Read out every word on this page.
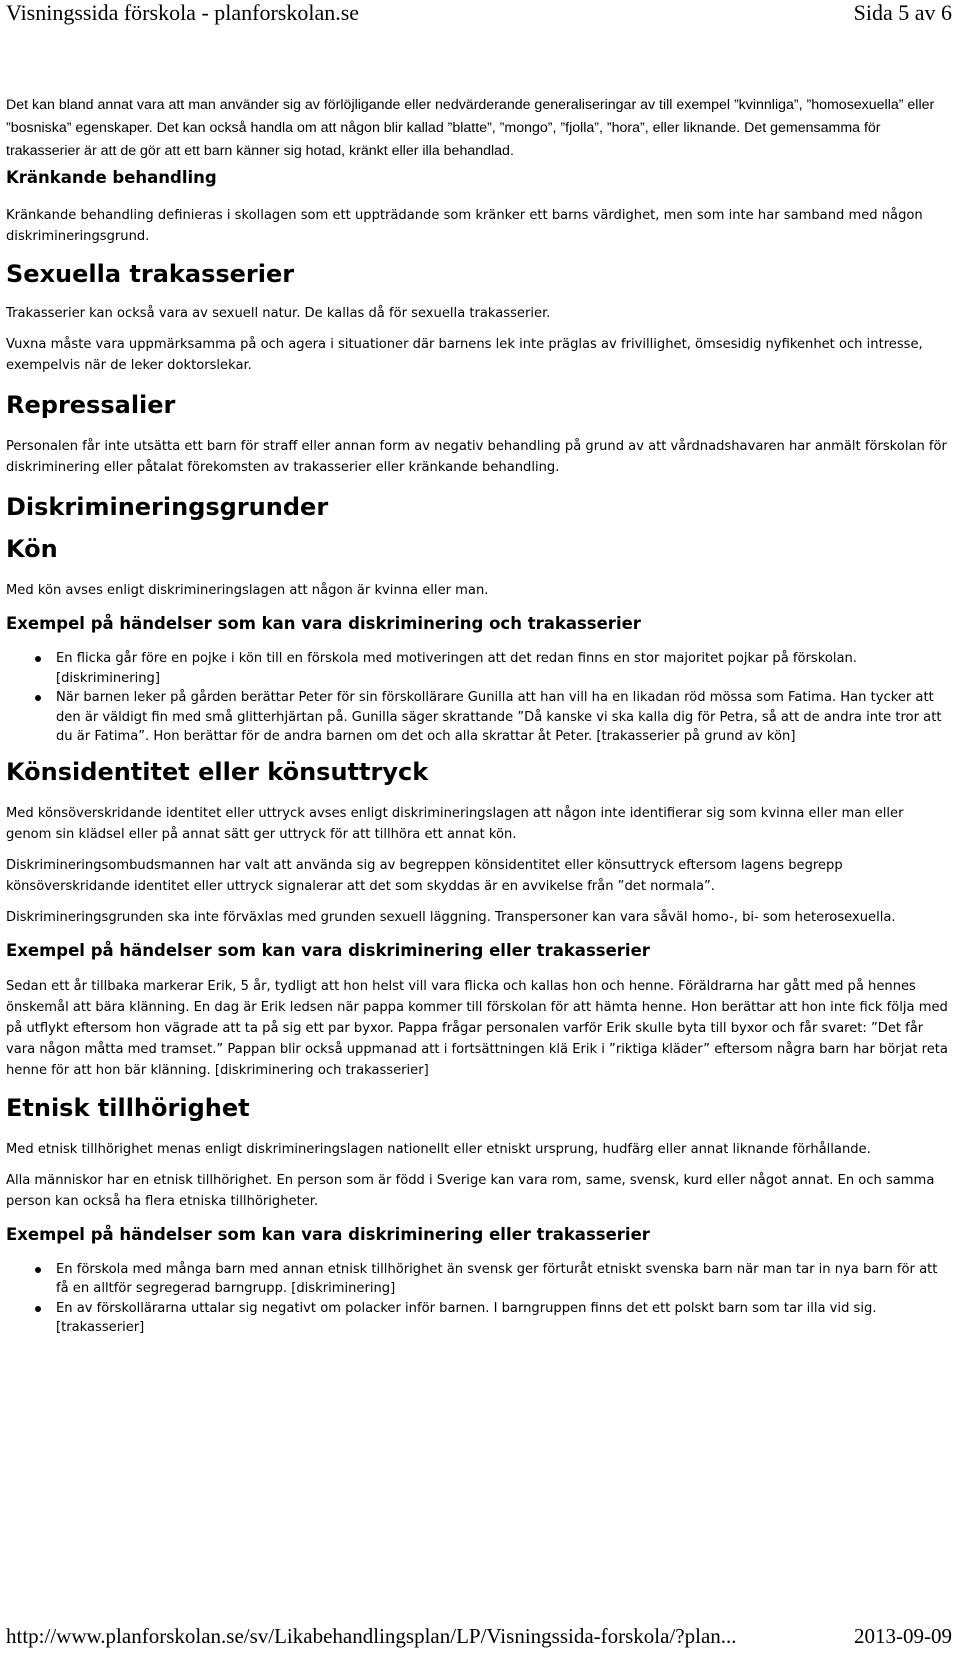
Visningssida förskola - planforskolan.se	Sida 5 av 6

Det kan bland annat vara att man använder sig av förlöjligande eller nedvärderande generaliseringar av till exempel ”kvinnliga”, ”homosexuella” eller ”bosniska” egenskaper. Det kan också handla om att någon blir kallad ”blatte”, ”mongo”, ”fjolla”, ”hora”, eller liknande. Det gemensamma för trakasserier är att de gör att ett barn känner sig hotad, kränkt eller illa behandlad.

Kränkande behandling

Kränkande behandling definieras i skollagen som ett uppträdande som kränker ett barns värdighet, men som inte har samband med någon diskrimineringsgrund.

Sexuella trakasserier

Trakasserier kan också vara av sexuell natur. De kallas då för sexuella trakasserier.

Vuxna måste vara uppmärksamma på och agera i situationer där barnens lek inte präglas av frivillighet, ömsesidig nyfikenhet och intresse, exempelvis när de leker doktorslekar.

Repressalier

Personalen får inte utsätta ett barn för straff eller annan form av negativ behandling på grund av att vårdnadshavaren har anmält förskolan för diskriminering eller påtalat förekomsten av trakasserier eller kränkande behandling.

Diskrimineringsgrunder
Kön

Med kön avses enligt diskrimineringslagen att någon är kvinna eller man.

Exempel på händelser som kan vara diskriminering och trakasserier
En flicka går före en pojke i kön till en förskola med motiveringen att det redan finns en stor majoritet pojkar på förskolan. [diskriminering]
När barnen leker på gården berättar Peter för sin förskollärare Gunilla att han vill ha en likadan röd mössa som Fatima. Han tycker att den är väldigt fin med små glitterhjärtan på. Gunilla säger skrattande ”Då kanske vi ska kalla dig för Petra, så att de andra inte tror att du är Fatima”. Hon berättar för de andra barnen om det och alla skrattar åt Peter. [trakasserier på grund av kön]
Könsidentitet eller könsuttryck

Med könsöverskridande identitet eller uttryck avses enligt diskrimineringslagen att någon inte identifierar sig som kvinna eller man eller genom sin klädsel eller på annat sätt ger uttryck för att tillhöra ett annat kön.

Diskrimineringsombudsmannen har valt att använda sig av begreppen könsidentitet eller könsuttryck eftersom lagens begrepp könsöverskridande identitet eller uttryck signalerar att det som skyddas är en avvikelse från ”det normala”.

Diskrimineringsgrunden ska inte förväxlas med grunden sexuell läggning. Transpersoner kan vara såväl homo-, bi- som heterosexuella.

Exempel på händelser som kan vara diskriminering eller trakasserier

Sedan ett år tillbaka markerar Erik, 5 år, tydligt att hon helst vill vara flicka och kallas hon och henne. Föräldrarna har gått med på hennes önskemål att bära klänning. En dag är Erik ledsen när pappa kommer till förskolan för att hämta henne. Hon berättar att hon inte fick följa med på utflykt eftersom hon vägrade att ta på sig ett par byxor. Pappa frågar personalen varför Erik skulle byta till byxor och får svaret: ”Det får vara någon måtta med tramset.” Pappan blir också uppmanad att i fortsättningen klä Erik i ”riktiga kläder” eftersom några barn har börjat reta henne för att hon bär klänning. [diskriminering och trakasserier]

Etnisk tillhörighet

Med etnisk tillhörighet menas enligt diskrimineringslagen nationellt eller etniskt ursprung, hudfärg eller annat liknande förhållande.

Alla människor har en etnisk tillhörighet. En person som är född i Sverige kan vara rom, same, svensk, kurd eller något annat. En och samma person kan också ha flera etniska tillhörigheter.

Exempel på händelser som kan vara diskriminering eller trakasserier
En förskola med många barn med annan etnisk tillhörighet än svensk ger förturåt etniskt svenska barn när man tar in nya barn för att få en alltför segregerad barngrupp. [diskriminering]
En av förskollärarna uttalar sig negativt om polacker inför barnen. I barngruppen finns det ett polskt barn som tar illa vid sig. [trakasserier]
http://www.planforskolan.se/sv/Likabehandlingsplan/LP/Visningssida-forskola/?plan...	2013-09-09
